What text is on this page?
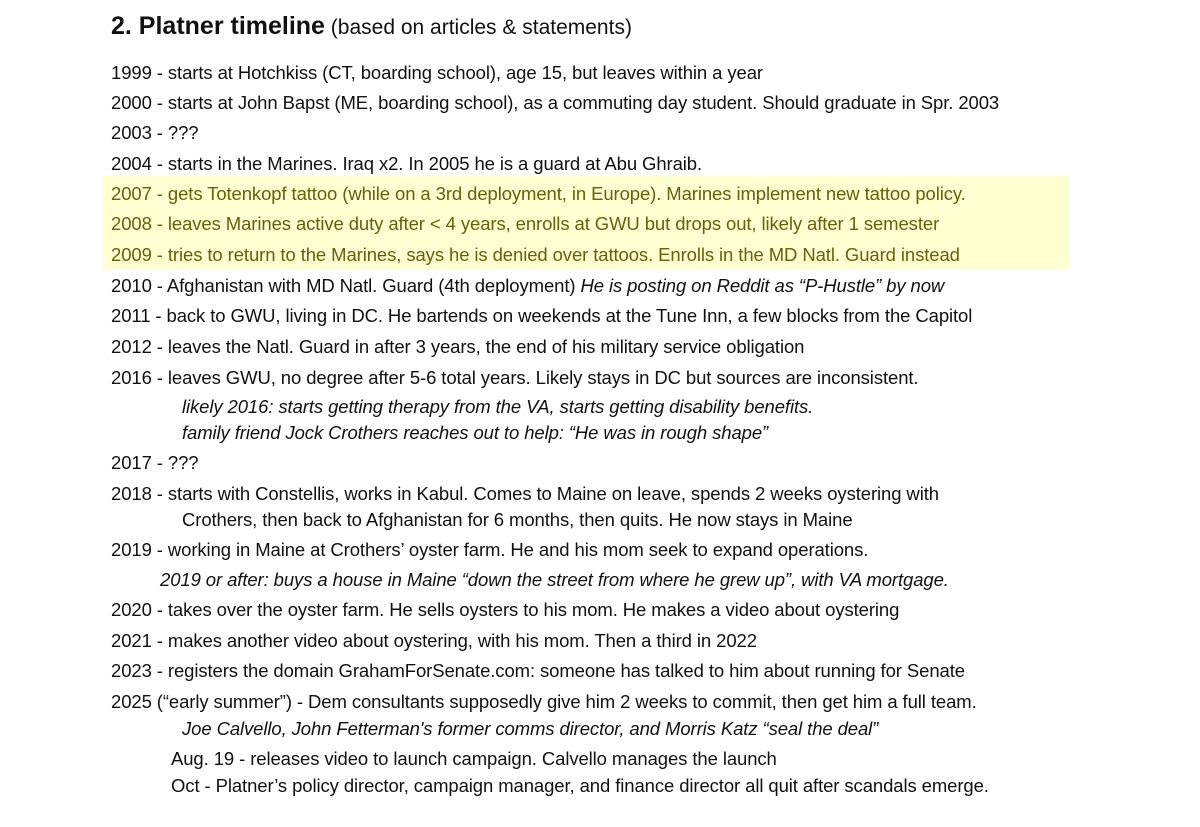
2. Platner timeline (based on articles & statements)
1999 - starts at Hotchkiss (CT, boarding school), age 15, but leaves within a year
2000 - starts at John Bapst (ME, boarding school), as a commuting day student. Should graduate in Spr. 2003
2003 - ???
2004 - starts in the Marines. Iraq x2. In 2005 he is a guard at Abu Ghraib.
2007 - gets Totenkopf tattoo (while on a 3rd deployment, in Europe). Marines implement new tattoo policy.
2008 - leaves Marines active duty after < 4 years, enrolls at GWU but drops out, likely after 1 semester
2009 - tries to return to the Marines, says he is denied over tattoos. Enrolls in the MD Natl. Guard instead
2010 - Afghanistan with MD Natl. Guard (4th deployment) He is posting on Reddit as “P-Hustle” by now
2011 - back to GWU, living in DC. He bartends on weekends at the Tune Inn, a few blocks from the Capitol
2012 - leaves the Natl. Guard in after 3 years, the end of his military service obligation
2016 - leaves GWU, no degree after 5-6 total years. Likely stays in DC but sources are inconsistent.
likely 2016: starts getting therapy from the VA, starts getting disability benefits.
family friend Jock Crothers reaches out to help: “He was in rough shape”
2017 - ???
2018 - starts with Constellis, works in Kabul. Comes to Maine on leave, spends 2 weeks oystering with
Crothers, then back to Afghanistan for 6 months, then quits. He now stays in Maine
2019 - working in Maine at Crothers’ oyster farm. He and his mom seek to expand operations.
2019 or after: buys a house in Maine “down the street from where he grew up”, with VA mortgage.
2020 - takes over the oyster farm. He sells oysters to his mom. He makes a video about oystering
2021 - makes another video about oystering, with his mom. Then a third in 2022
2023 - registers the domain GrahamForSenate.com: someone has talked to him about running for Senate
2025 (“early summer”) - Dem consultants supposedly give him 2 weeks to commit, then get him a full team.
Joe Calvello, John Fetterman's former comms director, and Morris Katz “seal the deal”
Aug. 19 - releases video to launch campaign. Calvello manages the launch
Oct - Platner’s policy director, campaign manager, and finance director all quit after scandals emerge.
